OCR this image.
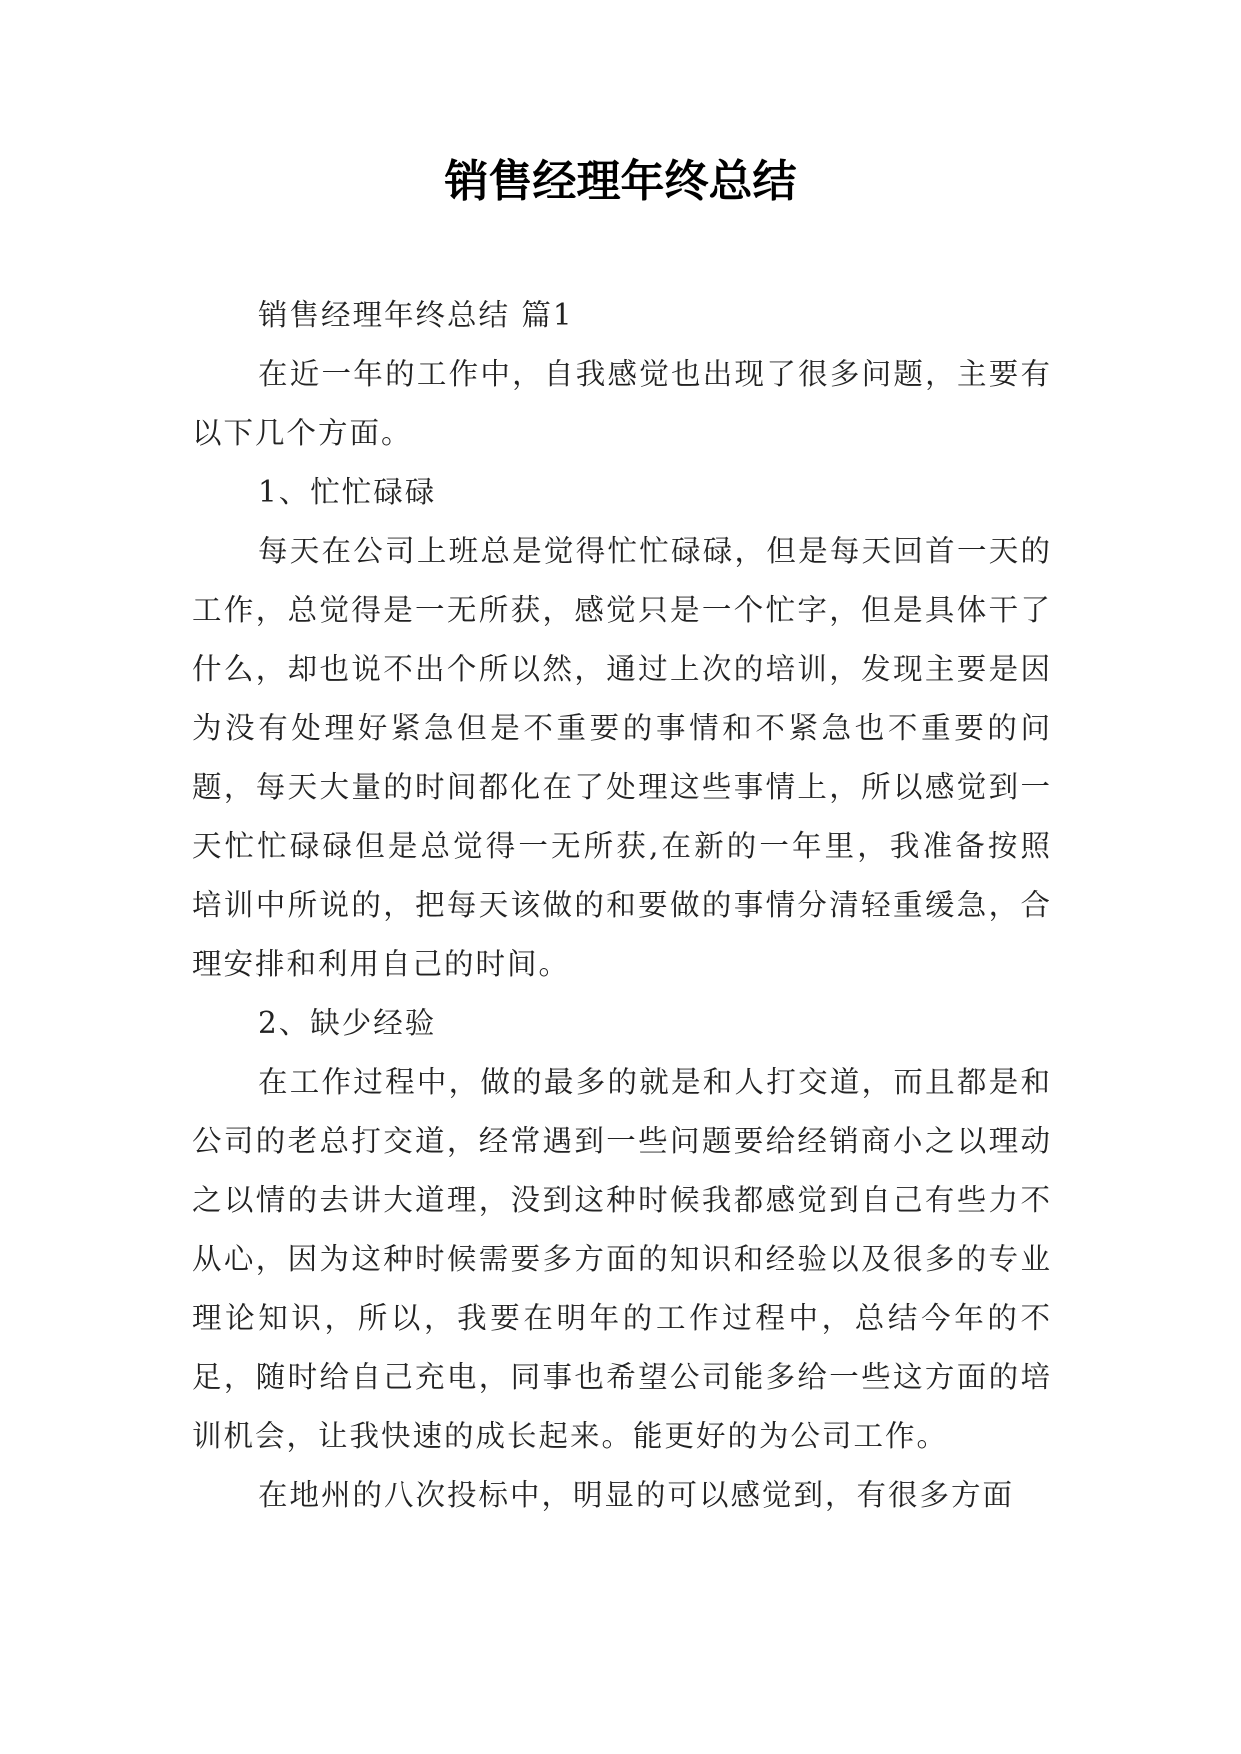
销售经理年终总结

销售经理年终总结 篇1

在近一年的工作中，自我感觉也出现了很多问题，主要有以下几个方面。

1、忙忙碌碌

每天在公司上班总是觉得忙忙碌碌，但是每天回首一天的工作，总觉得是一无所获，感觉只是一个忙字，但是具体干了什么，却也说不出个所以然，通过上次的培训，发现主要是因为没有处理好紧急但是不重要的事情和不紧急也不重要的问题，每天大量的时间都化在了处理这些事情上，所以感觉到一天忙忙碌碌但是总觉得一无所获,在新的一年里，我准备按照培训中所说的，把每天该做的和要做的事情分清轻重缓急，合理安排和利用自己的时间。

2、缺少经验

在工作过程中，做的最多的就是和人打交道，而且都是和公司的老总打交道，经常遇到一些问题要给经销商小之以理动之以情的去讲大道理，没到这种时候我都感觉到自己有些力不从心，因为这种时候需要多方面的知识和经验以及很多的专业理论知识，所以，我要在明年的工作过程中，总结今年的不足，随时给自己充电，同事也希望公司能多给一些这方面的培训机会，让我快速的成长起来。能更好的为公司工作。

在地州的八次投标中，明显的可以感觉到，有很多方面
